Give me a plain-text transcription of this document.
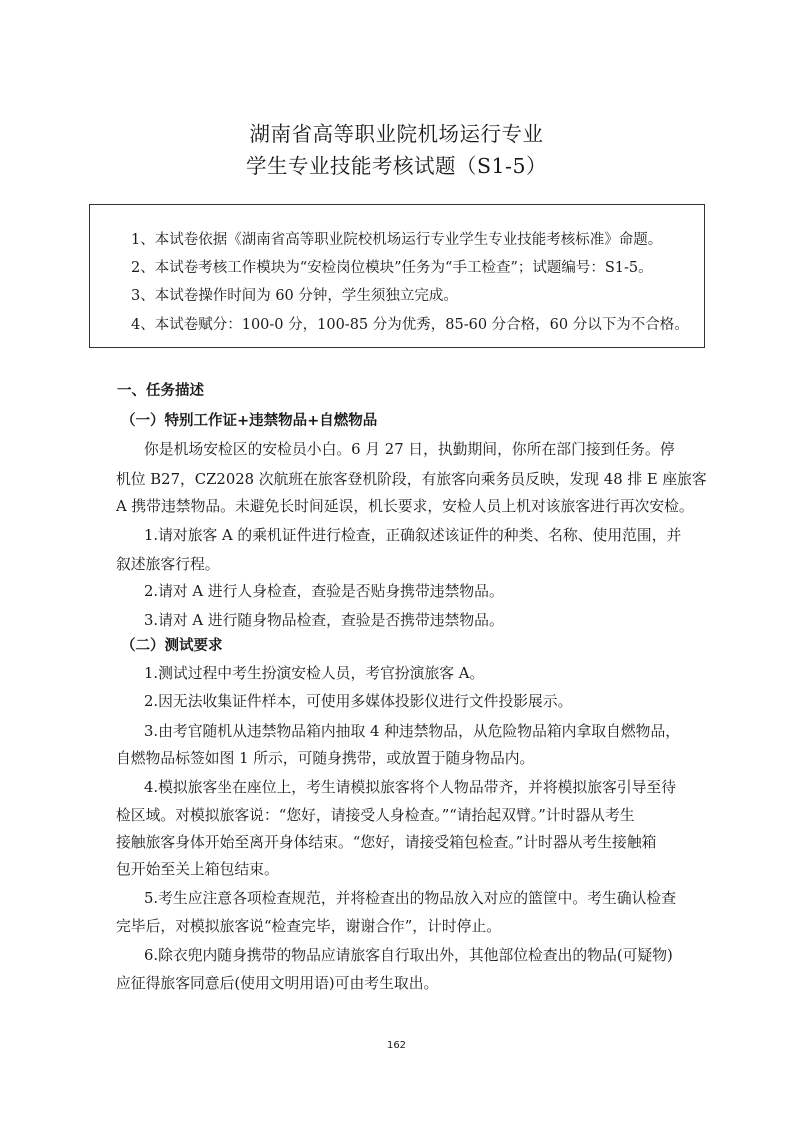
湖南省高等职业院机场运行专业
学生专业技能考核试题（S1-5）
1、本试卷依据《湖南省高等职业院校机场运行专业学生专业技能考核标准》命题。
2、本试卷考核工作模块为“安检岗位模块”任务为“手工检查”；试题编号：S1-5。
3、本试卷操作时间为 60 分钟，学生须独立完成。
4、本试卷赋分：100-0 分，100-85 分为优秀，85-60 分合格，60 分以下为不合格。
一、任务描述
（一）特别工作证+违禁物品+自燃物品
你是机场安检区的安检员小白。6 月 27 日，执勤期间，你所在部门接到任务。停
机位 B27，CZ2028 次航班在旅客登机阶段，有旅客向乘务员反映，发现 48 排 E 座旅客
A 携带违禁物品。未避免长时间延误，机长要求，安检人员上机对该旅客进行再次安检。
1.请对旅客 A 的乘机证件进行检查，正确叙述该证件的种类、名称、使用范围，并
叙述旅客行程。
2.请对 A 进行人身检查，查验是否贴身携带违禁物品。
3.请对 A 进行随身物品检查，查验是否携带违禁物品。
（二）测试要求
1.测试过程中考生扮演安检人员，考官扮演旅客 A。
2.因无法收集证件样本，可使用多媒体投影仪进行文件投影展示。
3.由考官随机从违禁物品箱内抽取 4 种违禁物品，从危险物品箱内拿取自燃物品，
自燃物品标签如图 1 所示，可随身携带，或放置于随身物品内。
4.模拟旅客坐在座位上，考生请模拟旅客将个人物品带齐，并将模拟旅客引导至待
检区域。对模拟旅客说：“您好，请接受人身检查。”“请抬起双臂。”计时器从考生
接触旅客身体开始至离开身体结束。“您好，请接受箱包检查。”计时器从考生接触箱
包开始至关上箱包结束。
5.考生应注意各项检查规范，并将检查出的物品放入对应的篮筐中。考生确认检查
完毕后，对模拟旅客说“检查完毕，谢谢合作”，计时停止。
6.除衣兜内随身携带的物品应请旅客自行取出外，其他部位检查出的物品(可疑物)
应征得旅客同意后(使用文明用语)可由考生取出。
162
